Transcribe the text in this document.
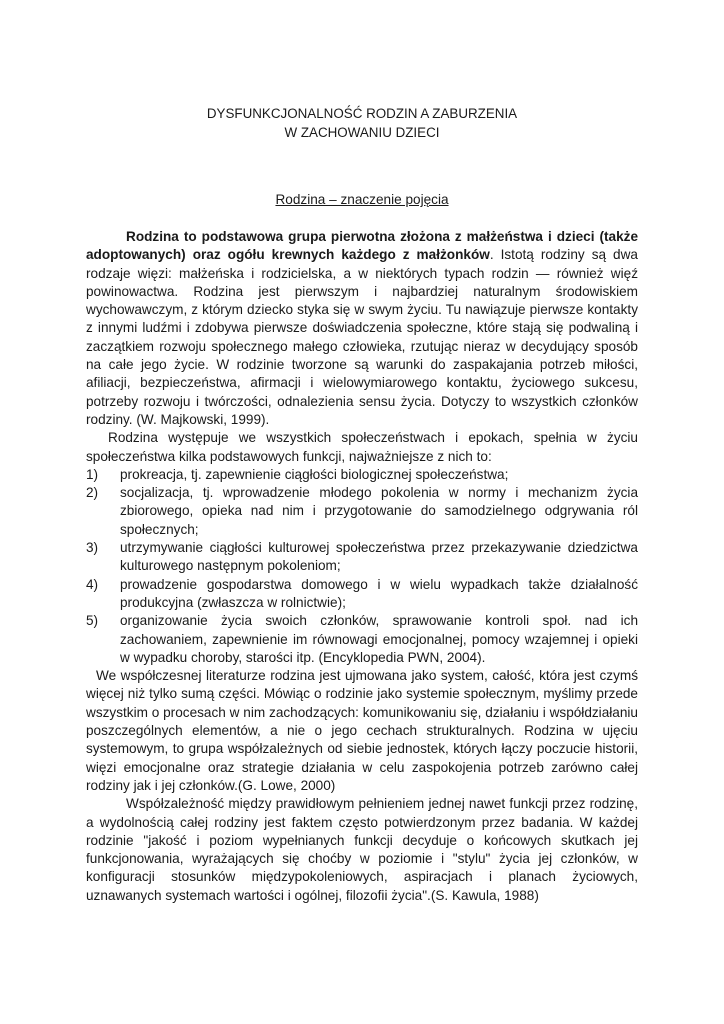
DYSFUNKCJONALNOŚĆ RODZIN A ZABURZENIA
W ZACHOWANIU DZIECI
Rodzina – znaczenie pojęcia

Rodzina to podstawowa grupa pierwotna złożona z małżeństwa i dzieci (także adoptowanych) oraz ogółu krewnych każdego z małżonków. Istotą rodziny są dwa rodzaje więzi: małżeńska i rodzicielska, a w niektórych typach rodzin — również więź powinowactwa. Rodzina jest pierwszym i najbardziej naturalnym środowiskiem wychowawczym, z którym dziecko styka się w swym życiu. Tu nawiązuje pierwsze kontakty z innymi ludźmi i zdobywa pierwsze doświadczenia społeczne, które stają się podwaliną i zaczątkiem rozwoju społecznego małego człowieka, rzutując nieraz w decydujący sposób na całe jego życie. W rodzinie tworzone są warunki do zaspakajania potrzeb miłości, afiliacji, bezpieczeństwa, afirmacji i wielowymiarowego kontaktu, życiowego sukcesu, potrzeby rozwoju i twórczości, odnalezienia sensu życia. Dotyczy to wszystkich członków rodziny. (W. Majkowski, 1999).

Rodzina występuje we wszystkich społeczeństwach i epokach, spełnia w życiu społeczeństwa kilka podstawowych funkcji, najważniejsze z nich to:

1)	prokreacja, tj. zapewnienie ciągłości biologicznej społeczeństwa;
2)	socjalizacja, tj. wprowadzenie młodego pokolenia w normy i mechanizm życia zbiorowego, opieka nad nim i przygotowanie do samodzielnego odgrywania ról społecznych;
3)	utrzymywanie ciągłości kulturowej społeczeństwa przez przekazywanie dziedzictwa kulturowego następnym pokoleniom;
4)	prowadzenie gospodarstwa domowego i w wielu wypadkach także działalność produkcyjna (zwłaszcza w rolnictwie);
5)	organizowanie życia swoich członków, sprawowanie kontroli społ. nad ich zachowaniem, zapewnienie im równowagi emocjonalnej, pomocy wzajemnej i opieki w wypadku choroby, starości itp. (Encyklopedia PWN, 2004).

We współczesnej literaturze rodzina jest ujmowana jako system, całość, która jest czymś więcej niż tylko sumą części. Mówiąc o rodzinie jako systemie społecznym, myślimy przede wszystkim o procesach w nim zachodzących: komunikowaniu się, działaniu i współdziałaniu poszczególnych elementów, a nie o jego cechach strukturalnych. Rodzina w ujęciu systemowym, to grupa współzależnych od siebie jednostek, których łączy poczucie historii, więzi emocjonalne oraz strategie działania w celu zaspokojenia potrzeb zarówno całej rodziny jak i jej członków.(G. Lowe, 2000)

Współzależność między prawidłowym pełnieniem jednej nawet funkcji przez rodzinę, a wydolnością całej rodziny jest faktem często potwierdzonym przez badania. W każdej rodzinie "jakość i poziom wypełnianych funkcji decyduje o końcowych skutkach jej funkcjonowania, wyrażających się choćby w poziomie i "stylu" życia jej członków, w konfiguracji stosunków międzypokoleniowych, aspiracjach i planach życiowych, uznawanych systemach wartości i ogólnej, filozofii życia".(S. Kawula, 1988)
